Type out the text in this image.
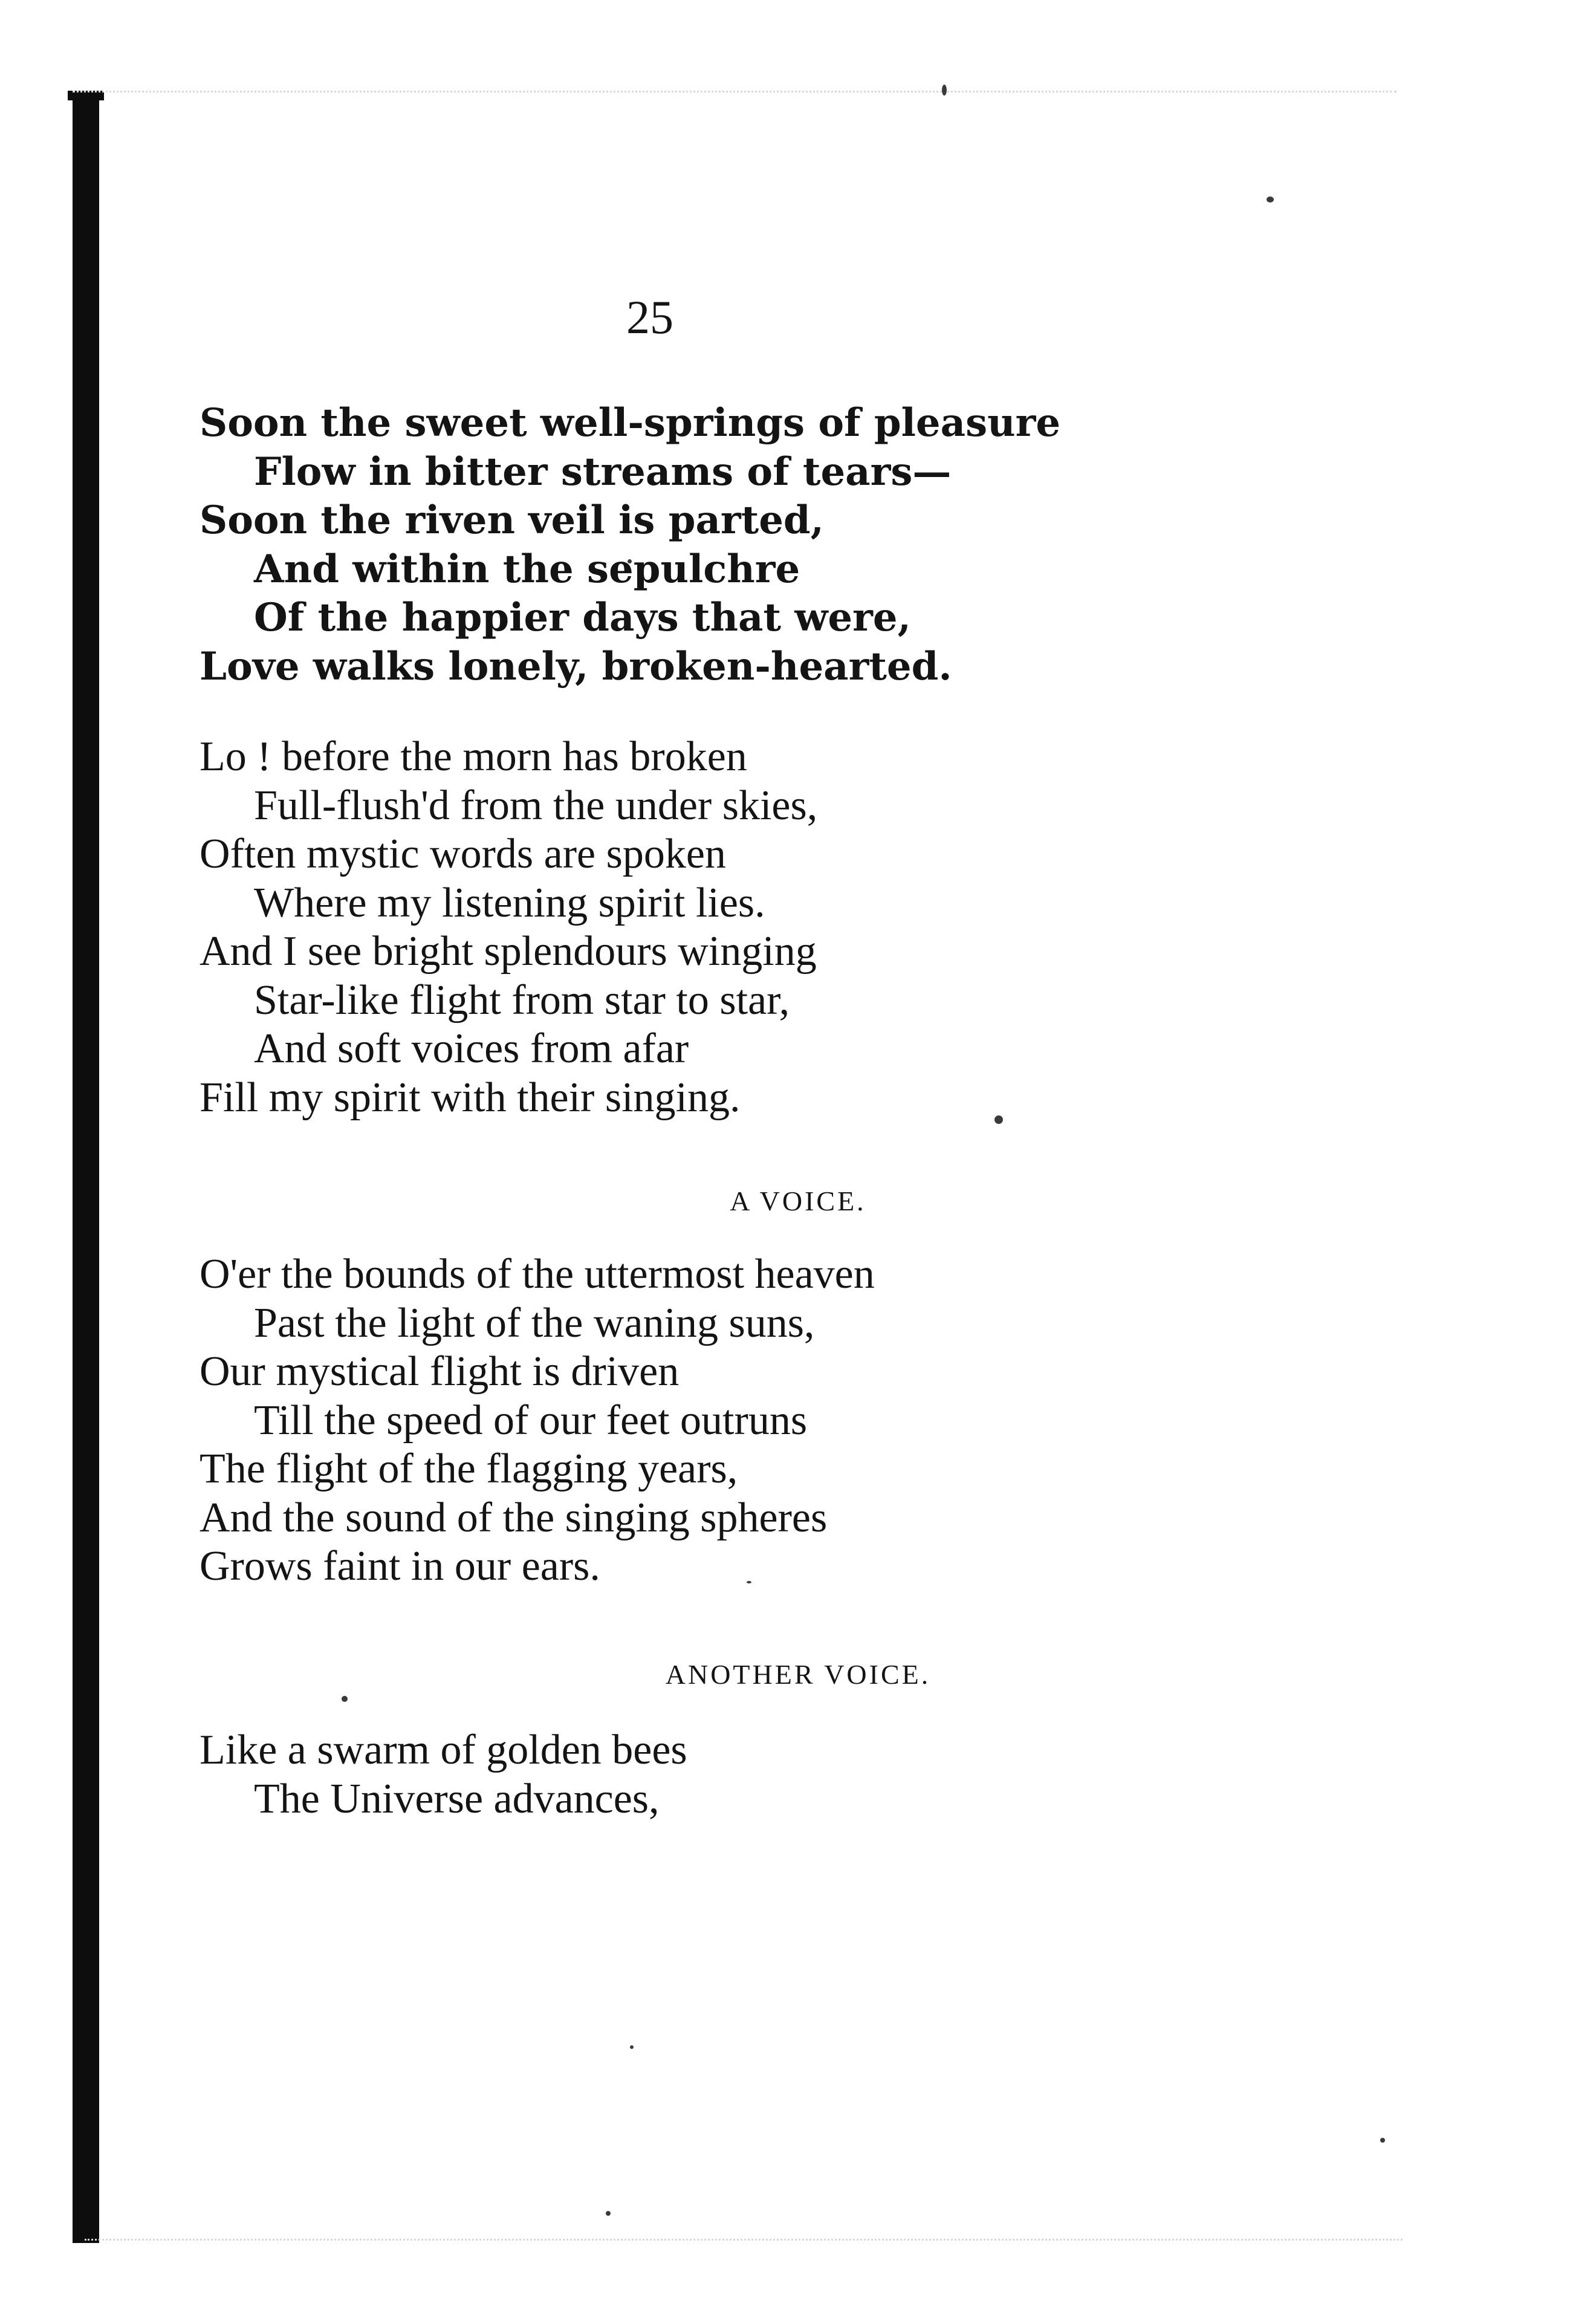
25
Soon the sweet well-springs of pleasure
Flow in bitter streams of tears—
Soon the riven veil is parted,
And within the sepulchre
Of the happier days that were,
Love walks lonely, broken-hearted.
Lo ! before the morn has broken
Full-flush'd from the under skies,
Often mystic words are spoken
Where my listening spirit lies.
And I see bright splendours winging
Star-like flight from star to star,
And soft voices from afar
Fill my spirit with their singing.
A VOICE.
O'er the bounds of the uttermost heaven
Past the light of the waning suns,
Our mystical flight is driven
Till the speed of our feet outruns
The flight of the flagging years,
And the sound of the singing spheres
Grows faint in our ears.
ANOTHER VOICE.
Like a swarm of golden bees
The Universe advances,
